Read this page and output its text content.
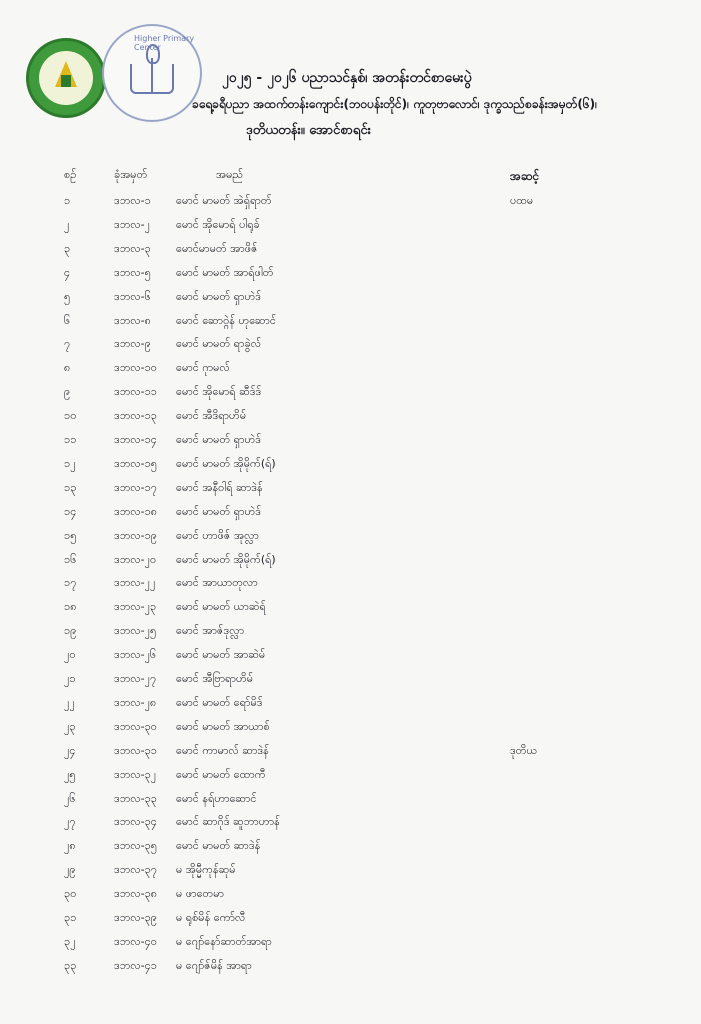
Higher Primary Center
၂၀၂၅ - ၂၀၂၆ ပညာသင်နှစ်၊ အတန်းတင်စာမေးပွဲ
ခရေ့ခရီပညာ အထက်တန်းကျောင်း(ဘဝပန်းတိုင်)၊ ကူတုဗာလောင်၊ ဒုက္ခသည်စခန်းအမှတ်(၆)၊
ဒုတိယတန်း။ အောင်စာရင်း
စဉ်	ခုံအမှတ်	အမည်	အဆင့်
၁	ဒဘလ-၁ မောင် မာမတ် အဲရှ်ရာတ်	ပထမ
၂	ဒဘလ-၂ မောင် အိုမောရ် ပါရုခ်
၃	ဒဘလ-၃ မောင်မာမတ် အာဖိဇ်
၄	ဒဘလ-၅ မောင် မာမတ် အာရ်ဖါတ်
၅	ဒဘလ-၆ မောင် မာမတ် ရှာဟဲဒ်
၆	ဒဘလ-၈ မောင် ဆောဝ္ဂဲန် ဟုဆောင်
၇	ဒဘလ-၉ မောင် မာမတ် ရာခွဲလ်
၈	ဒဘလ-၁၀ မောင် ဂုာမလ်
၉	ဒဘလ-၁၁ မောင် အိုမောရ် ဆီဒ်ဒ်
၁၀	ဒဘလ-၁၃ မောင် အီဒိရာဟိမ်
၁၁	ဒဘလ-၁၄ မောင် မာမတ် ရှာဟဲဒ်
၁၂	ဒဘလ-၁၅ မောင် မာမတ် အိုမိုက်(ရ်)
၁၃	ဒဘလ-၁၇ မောင် အနီဝါရ် ဆာဒဲန်
၁၄	ဒဘလ-၁၈ မောင် မာမတ် ရှာဟဲဒ်
၁၅	ဒဘလ-၁၉ မောင် ဟာဖိဇ် အုလ္လာ
၁၆	ဒဘလ-၂၀ မောင် မာမတ် အိုမိုက်(ရ်)
၁၇	ဒဘလ-၂၂ မောင် အာယာတုလာ
၁၈	ဒဘလ-၂၃ မောင် မာမတ် ယာဆဲရ်
၁၉	ဒဘလ-၂၅ မောင် အာဇ်ဒုလ္လာ
၂၀	ဒဘလ-၂၆ မောင် မာမတ် အာဆဲမ်
၂၁	ဒဘလ-၂၇ မောင် အီဗြာရာဟိမ်
၂၂	ဒဘလ-၂၈ မောင် မာမတ် ရော်မိဒ်
၂၃	ဒဘလ-၃၀ မောင် မာမတ် အာယာစ်
၂၄	ဒဘလ-၃၁ မောင် ကာမာလ် ဆာဒဲန်	ဒုတိယ
၂၅	ဒဘလ-၃၂ မောင် မာမတ် ထောကီ
၂၆	ဒဘလ-၃၃ မောင် နရ်ဟာဆောင်
၂၇	ဒဘလ-၃၄ မောင် ဆာဂိုဒ် ဆူဘာဟာန်
၂၈	ဒဘလ-၃၅ မောင် မာမတ် ဆာဒဲန်
၂၉	ဒဘလ-၃၇ မ အိုမ္မီကုန်ဆုမ်
၃၀	ဒဘလ-၃၈ မ ဖာတေမာ
၃၁	ဒဘလ-၃၉ မ ရုစ်မိန် ကော်လီ
၃၂	ဒဘလ-၄၀ မ ဂျော်နော်ဆာတ်အာရာ
၃၃	ဒဘလ-၄၁ မ ဂျော်ဇ်မိန် အာရာ
